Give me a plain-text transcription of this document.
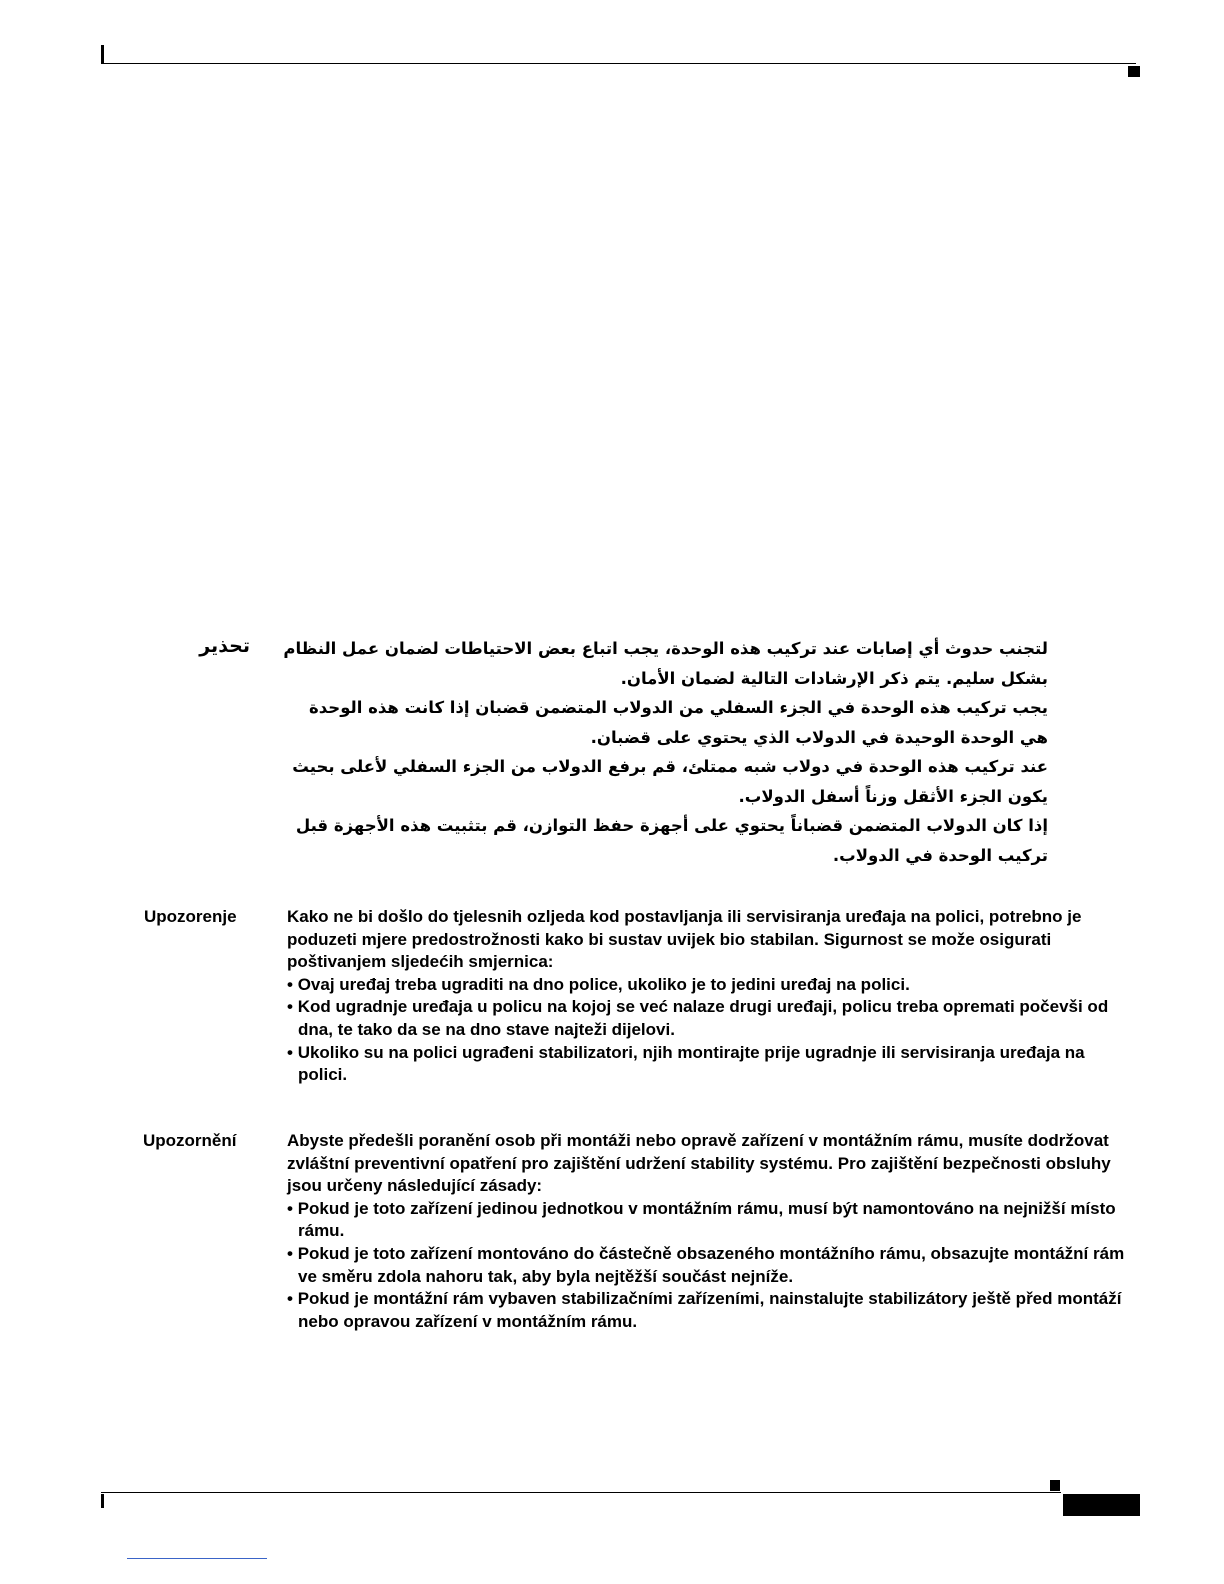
تحذير لتجنب حدوث أي إصابات عند تركيب هذه الوحدة، يجب اتباع بعض الاحتياطات لضمان عمل النظام بشكل سليم. يتم ذكر الإرشادات التالية لضمان الأمان.

يجب تركيب هذه الوحدة في الجزء السفلي من الدولاب المتضمن قضبان إذا كانت هذه الوحدة هي الوحدة الوحيدة في الدولاب الذي يحتوي على قضبان.

عند تركيب هذه الوحدة في دولاب شبه ممتلئ، قم برفع الدولاب من الجزء السفلي لأعلى بحيث يكون الجزء الأثقل وزناً أسفل الدولاب.

إذا كان الدولاب المتضمن قضباناً يحتوي على أجهزة حفظ التوازن، قم بتثبيت هذه الأجهزة قبل تركيب الوحدة في الدولاب.

Upozorenje	Kako ne bi došlo do tjelesnih ozljeda kod postavljanja ili servisiranja uređaja na polici, potrebno je poduzeti mjere predostrožnosti kako bi sustav uvijek bio stabilan. Sigurnost se može osigurati poštivanjem sljedećih smjernica:

• Ovaj uređaj treba ugraditi na dno police, ukoliko je to jedini uređaj na polici.
• Kod ugradnje uređaja u policu na kojoj se već nalaze drugi uređaji, policu treba opremati počevši od dna, te tako da se na dno stave najteži dijelovi.
• Ukoliko su na polici ugrađeni stabilizatori, njih montirajte prije ugradnje ili servisiranja uređaja na polici.
Upozornění	Abyste předešli poranění osob při montáži nebo opravě zařízení v montážním rámu, musíte dodržovat zvláštní preventivní opatření pro zajištění udržení stability systému. Pro zajištění bezpečnosti obsluhy jsou určeny následující zásady:

• Pokud je toto zařízení jedinou jednotkou v montážním rámu, musí být namontováno na nejnižší místo rámu.
• Pokud je toto zařízení montováno do částečně obsazeného montážního rámu, obsazujte montážní rám ve směru zdola nahoru tak, aby byla nejtěžší součást nejníže.
• Pokud je montážní rám vybaven stabilizačními zařízeními, nainstalujte stabilizátory ještě před montáží nebo opravou zařízení v montážním rámu.
